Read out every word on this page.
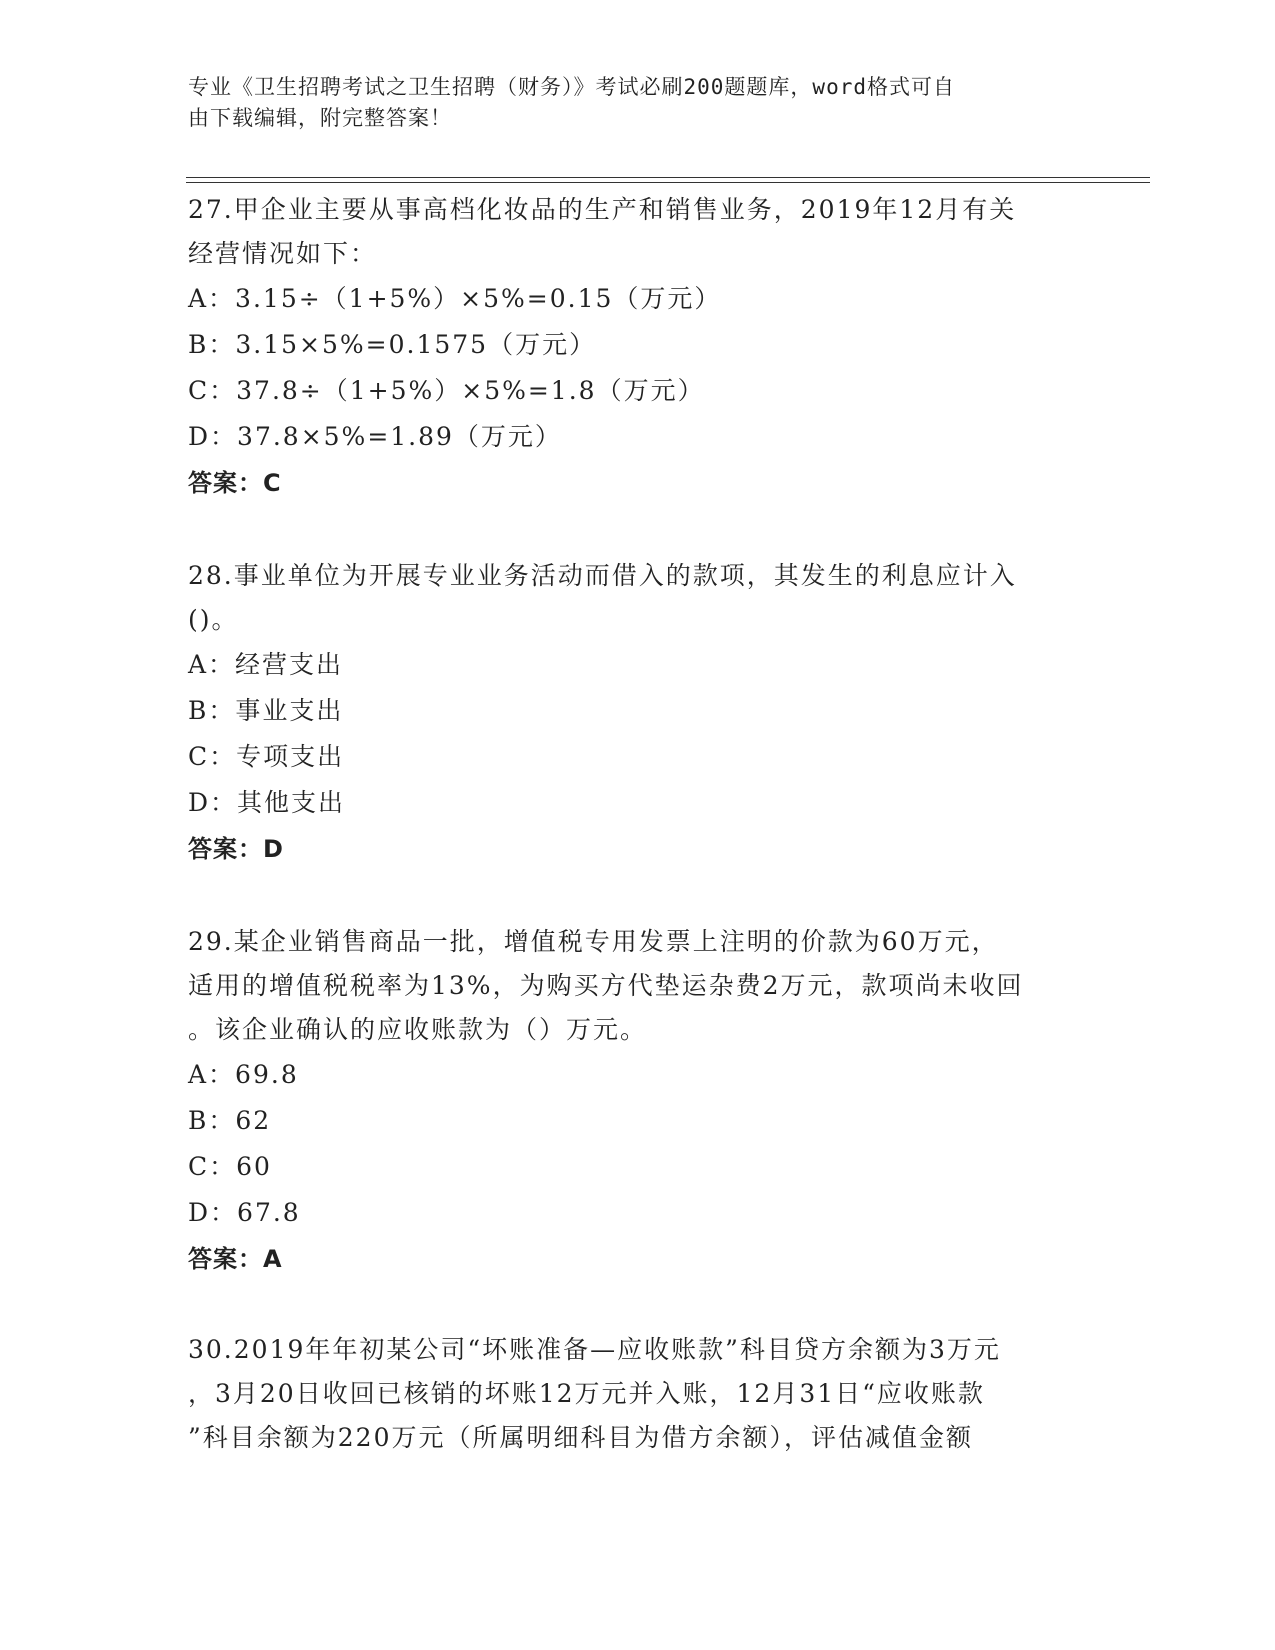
专业《卫生招聘考试之卫生招聘（财务）》考试必刷200题题库，word格式可自
由下载编辑，附完整答案！
27.甲企业主要从事高档化妆品的生产和销售业务，2019年12月有关
经营情况如下：
A：3.15÷（1+5%）×5%=0.15（万元）
B：3.15×5%=0.1575（万元）
C：37.8÷（1+5%）×5%=1.8（万元）
D：37.8×5%=1.89（万元）
答案：C
28.事业单位为开展专业业务活动而借入的款项，其发生的利息应计入
()。
A：经营支出
B：事业支出
C：专项支出
D：其他支出
答案：D
29.某企业销售商品一批，增值税专用发票上注明的价款为60万元，
适用的增值税税率为13%，为购买方代垫运杂费2万元，款项尚未收回
。该企业确认的应收账款为（）万元。
A：69.8
B：62
C：60
D：67.8
答案：A
30.2019年年初某公司“坏账准备—应收账款”科目贷方余额为3万元
，3月20日收回已核销的坏账12万元并入账，12月31日“应收账款
”科目余额为220万元（所属明细科目为借方余额），评估减值金额
